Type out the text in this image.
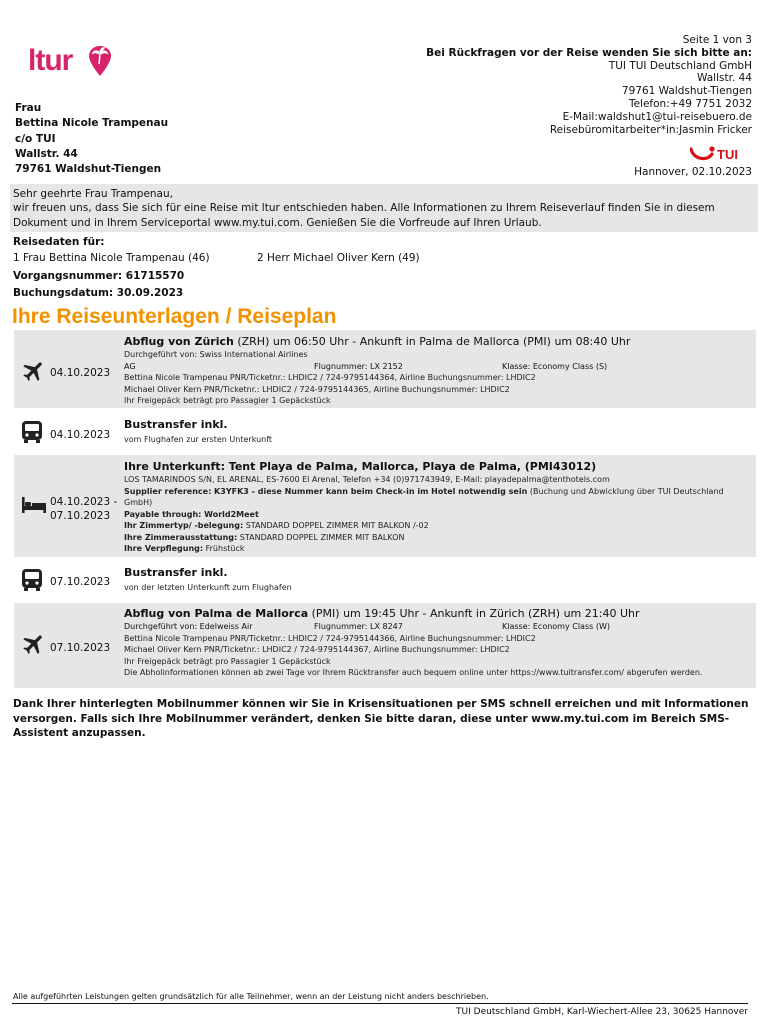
ltur
Seite 1 von 3
Bei Rückfragen vor der Reise wenden Sie sich bitte an:
TUI TUI Deutschland GmbH
Wallstr. 44
79761 Waldshut-Tiengen
Telefon:+49 7751 2032
E-Mail:waldshut1@tui-reisebuero.de
Reisebüromitarbeiter*in:Jasmin Fricker
TUI
Hannover, 02.10.2023
Frau
Bettina Nicole Trampenau
c/o TUI
Wallstr. 44
79761 Waldshut-Tiengen
Sehr geehrte Frau Trampenau,
wir freuen uns, dass Sie sich für eine Reise mit ltur entschieden haben. Alle Informationen zu Ihrem Reiseverlauf finden Sie in diesem Dokument und in Ihrem Serviceportal www.my.tui.com. Genießen Sie die Vorfreude auf Ihren Urlaub.
Reisedaten für:
1 Frau Bettina Nicole Trampenau (46)	2 Herr Michael Oliver Kern (49)
Vorgangsnummer: 61715570
Buchungsdatum: 30.09.2023
Ihre Reiseunterlagen / Reiseplan
04.10.2023
Abflug von Zürich (ZRH) um 06:50 Uhr - Ankunft in Palma de Mallorca (PMI) um 08:40 Uhr
Durchgeführt von: Swiss International Airlines
AG	Flugnummer: LX 2152	Klasse: Economy Class (S)
Bettina Nicole Trampenau PNR/Ticketnr.: LHDIC2 / 724-9795144364, Airline Buchungsnummer: LHDIC2
Michael Oliver Kern PNR/Ticketnr.: LHDIC2 / 724-9795144365, Airline Buchungsnummer: LHDIC2
Ihr Freigepäck beträgt pro Passagier 1 Gepäckstück
04.10.2023
Bustransfer inkl.
vom Flughafen zur ersten Unterkunft
04.10.2023 -
07.10.2023
Ihre Unterkunft: Tent Playa de Palma, Mallorca, Playa de Palma, (PMI43012)
LOS TAMARINDOS S/N, EL ARENAL, ES-7600 El Arenal, Telefon +34 (0)971743949, E-Mail: playadepalma@tenthotels.com
Supplier reference: K3YFK3 - diese Nummer kann beim Check-in im Hotel notwendig sein (Buchung und Abwicklung über TUI Deutschland GmbH)
Payable through: World2Meet
Ihr Zimmertyp/ -belegung: STANDARD DOPPEL ZIMMER MIT BALKON /-02
Ihre Zimmerausstattung: STANDARD DOPPEL ZIMMER MIT BALKON
Ihre Verpflegung: Frühstück
07.10.2023
Bustransfer inkl.
von der letzten Unterkunft zum Flughafen
07.10.2023
Abflug von Palma de Mallorca (PMI) um 19:45 Uhr - Ankunft in Zürich (ZRH) um 21:40 Uhr
Durchgeführt von: Edelweiss Air	Flugnummer: LX 8247	Klasse: Economy Class (W)
Bettina Nicole Trampenau PNR/Ticketnr.: LHDIC2 / 724-9795144366, Airline Buchungsnummer: LHDIC2
Michael Oliver Kern PNR/Ticketnr.: LHDIC2 / 724-9795144367, Airline Buchungsnummer: LHDIC2
Ihr Freigepäck beträgt pro Passagier 1 Gepäckstück
Die Abholinformationen können ab zwei Tage vor Ihrem Rücktransfer auch bequem online unter https://www.tuitransfer.com/ abgerufen werden.
Dank Ihrer hinterlegten Mobilnummer können wir Sie in Krisensituationen per SMS schnell erreichen und mit Informationen versorgen. Falls sich Ihre Mobilnummer verändert, denken Sie bitte daran, diese unter www.my.tui.com im Bereich SMS-Assistent anzupassen.
Alle aufgeführten Leistungen gelten grundsätzlich für alle Teilnehmer, wenn an der Leistung nicht anders beschrieben.
TUI Deutschland GmbH, Karl-Wiechert-Allee 23, 30625 Hannover
